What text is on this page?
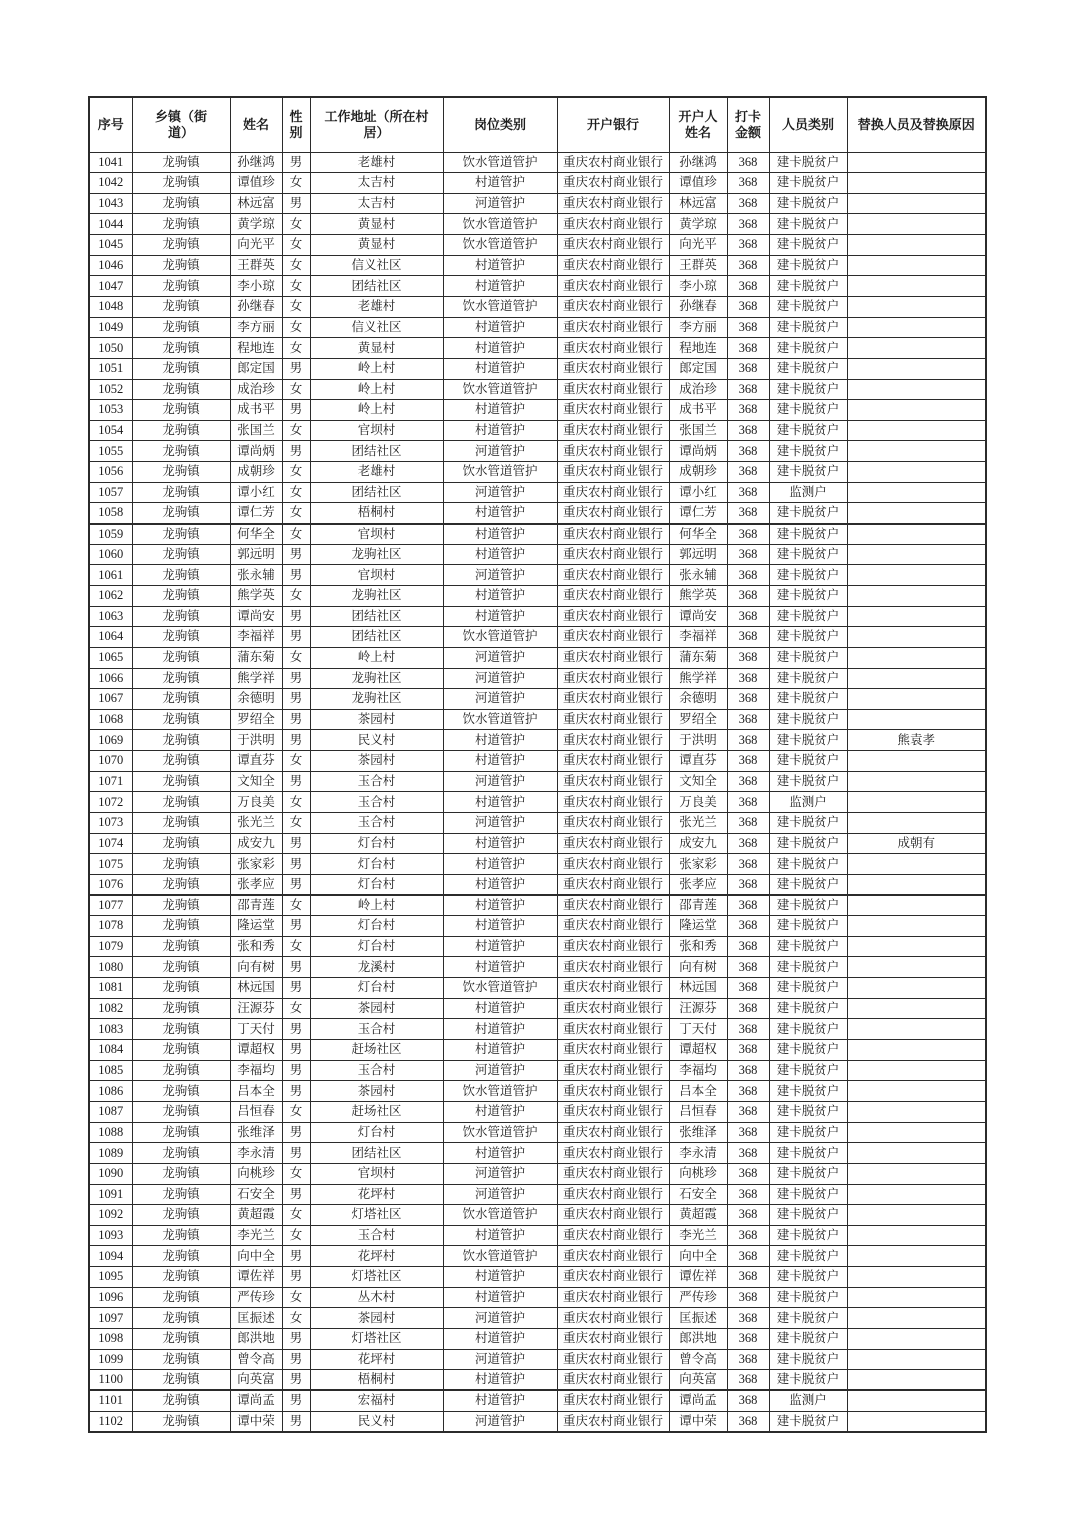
序号	乡镇（街道）	姓名	性别	工作地址（所在村居）	岗位类别	开户银行	开户人姓名	打卡金额	人员类别	替换人员及替换原因
1041	龙驹镇	孙继鸿	男	老雄村	饮水管道管护	重庆农村商业银行	孙继鸿	368	建卡脱贫户	
1042	龙驹镇	谭值珍	女	太吉村	村道管护	重庆农村商业银行	谭值珍	368	建卡脱贫户	
1043	龙驹镇	林远富	男	太吉村	河道管护	重庆农村商业银行	林远富	368	建卡脱贫户	
1044	龙驹镇	黄学琼	女	黄显村	饮水管道管护	重庆农村商业银行	黄学琼	368	建卡脱贫户	
1045	龙驹镇	向光平	女	黄显村	饮水管道管护	重庆农村商业银行	向光平	368	建卡脱贫户	
1046	龙驹镇	王群英	女	信义社区	村道管护	重庆农村商业银行	王群英	368	建卡脱贫户	
1047	龙驹镇	李小琼	女	团结社区	村道管护	重庆农村商业银行	李小琼	368	建卡脱贫户	
1048	龙驹镇	孙继春	女	老雄村	饮水管道管护	重庆农村商业银行	孙继春	368	建卡脱贫户	
1049	龙驹镇	李方丽	女	信义社区	村道管护	重庆农村商业银行	李方丽	368	建卡脱贫户	
1050	龙驹镇	程地连	女	黄显村	村道管护	重庆农村商业银行	程地连	368	建卡脱贫户	
1051	龙驹镇	郎定国	男	岭上村	村道管护	重庆农村商业银行	郎定国	368	建卡脱贫户	
1052	龙驹镇	成治珍	女	岭上村	饮水管道管护	重庆农村商业银行	成治珍	368	建卡脱贫户	
1053	龙驹镇	成书平	男	岭上村	村道管护	重庆农村商业银行	成书平	368	建卡脱贫户	
1054	龙驹镇	张国兰	女	官坝村	村道管护	重庆农村商业银行	张国兰	368	建卡脱贫户	
1055	龙驹镇	谭尚炳	男	团结社区	河道管护	重庆农村商业银行	谭尚炳	368	建卡脱贫户	
1056	龙驹镇	成朝珍	女	老雄村	饮水管道管护	重庆农村商业银行	成朝珍	368	建卡脱贫户	
1057	龙驹镇	谭小红	女	团结社区	河道管护	重庆农村商业银行	谭小红	368	监测户	
1058	龙驹镇	谭仁芳	女	梧桐村	村道管护	重庆农村商业银行	谭仁芳	368	建卡脱贫户	
1059	龙驹镇	何华全	女	官坝村	村道管护	重庆农村商业银行	何华全	368	建卡脱贫户	
1060	龙驹镇	郭远明	男	龙驹社区	村道管护	重庆农村商业银行	郭远明	368	建卡脱贫户	
1061	龙驹镇	张永辅	男	官坝村	河道管护	重庆农村商业银行	张永辅	368	建卡脱贫户	
1062	龙驹镇	熊学英	女	龙驹社区	村道管护	重庆农村商业银行	熊学英	368	建卡脱贫户	
1063	龙驹镇	谭尚安	男	团结社区	村道管护	重庆农村商业银行	谭尚安	368	建卡脱贫户	
1064	龙驹镇	李福祥	男	团结社区	饮水管道管护	重庆农村商业银行	李福祥	368	建卡脱贫户	
1065	龙驹镇	蒲东菊	女	岭上村	河道管护	重庆农村商业银行	蒲东菊	368	建卡脱贫户	
1066	龙驹镇	熊学祥	男	龙驹社区	河道管护	重庆农村商业银行	熊学祥	368	建卡脱贫户	
1067	龙驹镇	余德明	男	龙驹社区	河道管护	重庆农村商业银行	余德明	368	建卡脱贫户	
1068	龙驹镇	罗绍全	男	茶园村	饮水管道管护	重庆农村商业银行	罗绍全	368	建卡脱贫户	
1069	龙驹镇	于洪明	男	民义村	村道管护	重庆农村商业银行	于洪明	368	建卡脱贫户	熊袁孝
1070	龙驹镇	谭直芬	女	茶园村	村道管护	重庆农村商业银行	谭直芬	368	建卡脱贫户	
1071	龙驹镇	文知全	男	玉合村	河道管护	重庆农村商业银行	文知全	368	建卡脱贫户	
1072	龙驹镇	万良美	女	玉合村	村道管护	重庆农村商业银行	万良美	368	监测户	
1073	龙驹镇	张光兰	女	玉合村	河道管护	重庆农村商业银行	张光兰	368	建卡脱贫户	
1074	龙驹镇	成安九	男	灯台村	村道管护	重庆农村商业银行	成安九	368	建卡脱贫户	成朝有
1075	龙驹镇	张家彩	男	灯台村	村道管护	重庆农村商业银行	张家彩	368	建卡脱贫户	
1076	龙驹镇	张孝应	男	灯台村	村道管护	重庆农村商业银行	张孝应	368	建卡脱贫户	
1077	龙驹镇	邵青莲	女	岭上村	村道管护	重庆农村商业银行	邵青莲	368	建卡脱贫户	
1078	龙驹镇	隆运堂	男	灯台村	村道管护	重庆农村商业银行	隆运堂	368	建卡脱贫户	
1079	龙驹镇	张和秀	女	灯台村	村道管护	重庆农村商业银行	张和秀	368	建卡脱贫户	
1080	龙驹镇	向有树	男	龙溪村	村道管护	重庆农村商业银行	向有树	368	建卡脱贫户	
1081	龙驹镇	林远国	男	灯台村	饮水管道管护	重庆农村商业银行	林远国	368	建卡脱贫户	
1082	龙驹镇	汪源芬	女	茶园村	村道管护	重庆农村商业银行	汪源芬	368	建卡脱贫户	
1083	龙驹镇	丁天付	男	玉合村	村道管护	重庆农村商业银行	丁天付	368	建卡脱贫户	
1084	龙驹镇	谭超权	男	赶场社区	村道管护	重庆农村商业银行	谭超权	368	建卡脱贫户	
1085	龙驹镇	李福均	男	玉合村	河道管护	重庆农村商业银行	李福均	368	建卡脱贫户	
1086	龙驹镇	吕本全	男	茶园村	饮水管道管护	重庆农村商业银行	吕本全	368	建卡脱贫户	
1087	龙驹镇	吕恒春	女	赶场社区	村道管护	重庆农村商业银行	吕恒春	368	建卡脱贫户	
1088	龙驹镇	张维泽	男	灯台村	饮水管道管护	重庆农村商业银行	张维泽	368	建卡脱贫户	
1089	龙驹镇	李永清	男	团结社区	村道管护	重庆农村商业银行	李永清	368	建卡脱贫户	
1090	龙驹镇	向桃珍	女	官坝村	河道管护	重庆农村商业银行	向桃珍	368	建卡脱贫户	
1091	龙驹镇	石安全	男	花坪村	河道管护	重庆农村商业银行	石安全	368	建卡脱贫户	
1092	龙驹镇	黄超霞	女	灯塔社区	饮水管道管护	重庆农村商业银行	黄超霞	368	建卡脱贫户	
1093	龙驹镇	李光兰	女	玉合村	村道管护	重庆农村商业银行	李光兰	368	建卡脱贫户	
1094	龙驹镇	向中全	男	花坪村	饮水管道管护	重庆农村商业银行	向中全	368	建卡脱贫户	
1095	龙驹镇	谭佐祥	男	灯塔社区	村道管护	重庆农村商业银行	谭佐祥	368	建卡脱贫户	
1096	龙驹镇	严传珍	女	丛木村	村道管护	重庆农村商业银行	严传珍	368	建卡脱贫户	
1097	龙驹镇	匡振述	女	茶园村	河道管护	重庆农村商业银行	匡振述	368	建卡脱贫户	
1098	龙驹镇	郎洪地	男	灯塔社区	村道管护	重庆农村商业银行	郎洪地	368	建卡脱贫户	
1099	龙驹镇	曾令高	男	花坪村	河道管护	重庆农村商业银行	曾令高	368	建卡脱贫户	
1100	龙驹镇	向英富	男	梧桐村	村道管护	重庆农村商业银行	向英富	368	建卡脱贫户	
1101	龙驹镇	谭尚孟	男	宏福村	村道管护	重庆农村商业银行	谭尚孟	368	监测户	
1102	龙驹镇	谭中荣	男	民义村	河道管护	重庆农村商业银行	谭中荣	368	建卡脱贫户	
